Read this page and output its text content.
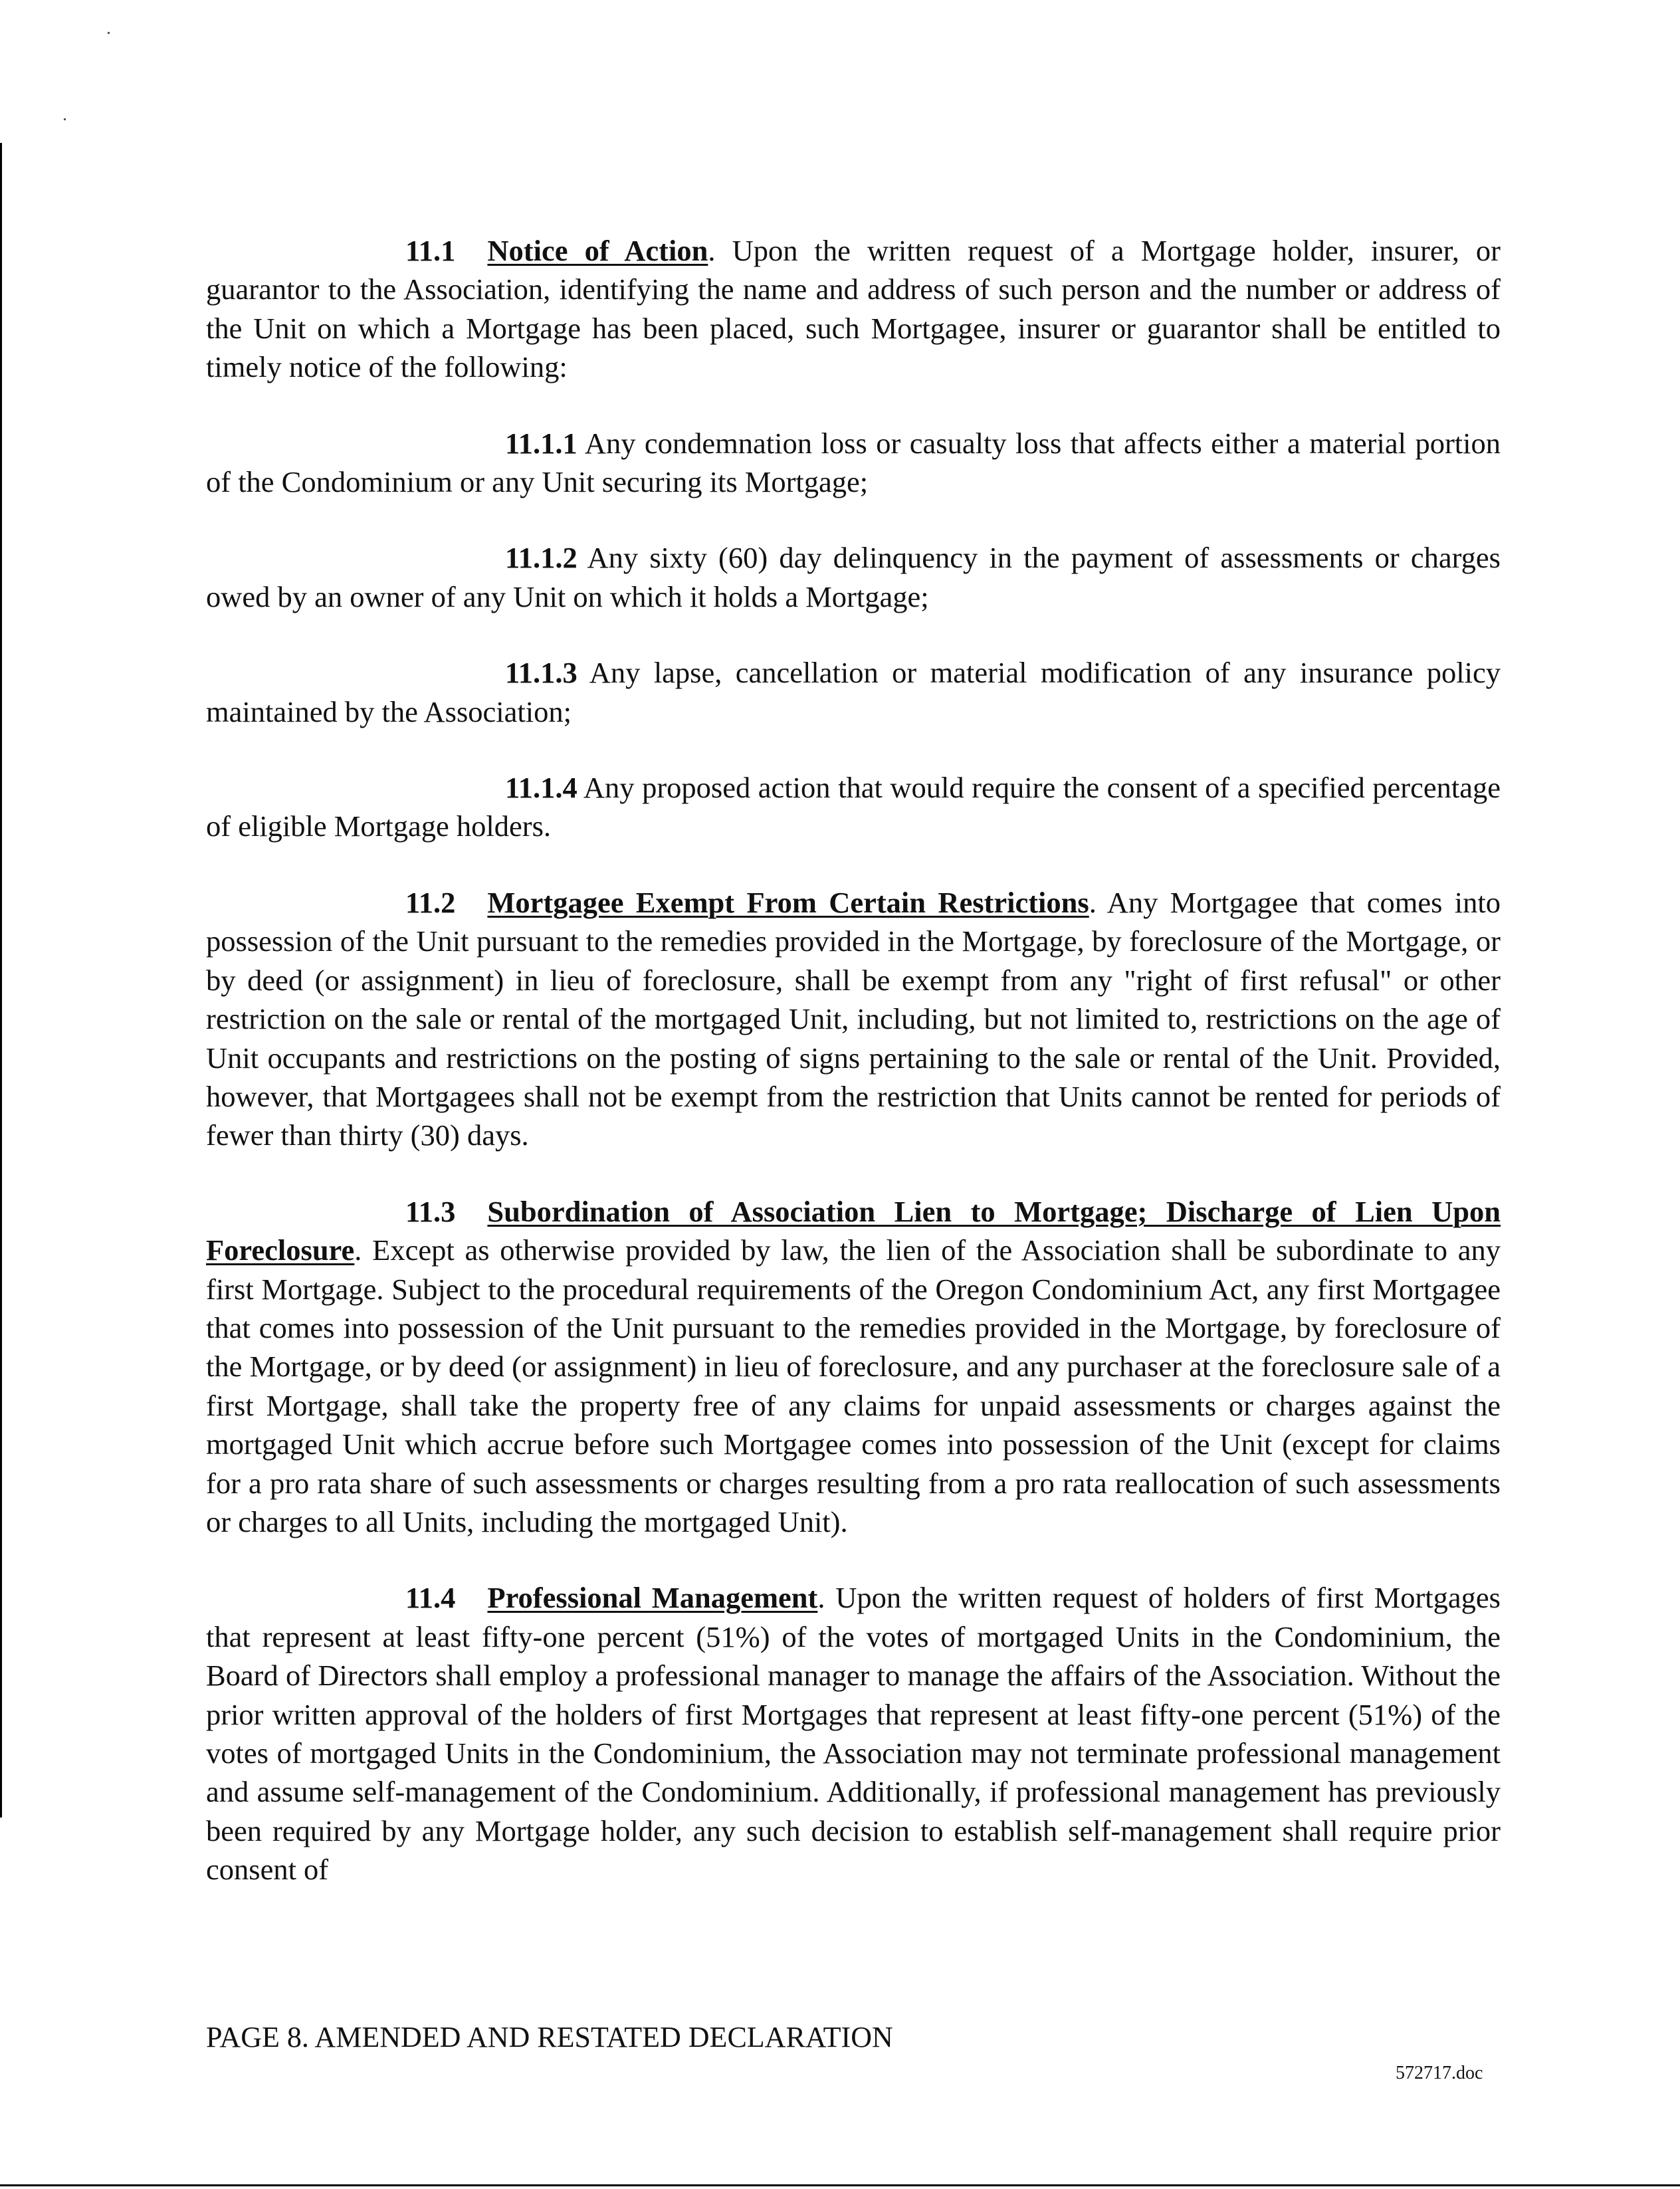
11.1 Notice of Action. Upon the written request of a Mortgage holder, insurer, or guarantor to the Association, identifying the name and address of such person and the number or address of the Unit on which a Mortgage has been placed, such Mortgagee, insurer or guarantor shall be entitled to timely notice of the following:

11.1.1 Any condemnation loss or casualty loss that affects either a material portion of the Condominium or any Unit securing its Mortgage;

11.1.2 Any sixty (60) day delinquency in the payment of assessments or charges owed by an owner of any Unit on which it holds a Mortgage;

11.1.3 Any lapse, cancellation or material modification of any insurance policy maintained by the Association;

11.1.4 Any proposed action that would require the consent of a specified percentage of eligible Mortgage holders.

11.2 Mortgagee Exempt From Certain Restrictions. Any Mortgagee that comes into possession of the Unit pursuant to the remedies provided in the Mortgage, by foreclosure of the Mortgage, or by deed (or assignment) in lieu of foreclosure, shall be exempt from any "right of first refusal" or other restriction on the sale or rental of the mortgaged Unit, including, but not limited to, restrictions on the age of Unit occupants and restrictions on the posting of signs pertaining to the sale or rental of the Unit. Provided, however, that Mortgagees shall not be exempt from the restriction that Units cannot be rented for periods of fewer than thirty (30) days.

11.3 Subordination of Association Lien to Mortgage; Discharge of Lien Upon Foreclosure. Except as otherwise provided by law, the lien of the Association shall be subordinate to any first Mortgage. Subject to the procedural requirements of the Oregon Condominium Act, any first Mortgagee that comes into possession of the Unit pursuant to the remedies provided in the Mortgage, by foreclosure of the Mortgage, or by deed (or assignment) in lieu of foreclosure, and any purchaser at the foreclosure sale of a first Mortgage, shall take the property free of any claims for unpaid assessments or charges against the mortgaged Unit which accrue before such Mortgagee comes into possession of the Unit (except for claims for a pro rata share of such assessments or charges resulting from a pro rata reallocation of such assessments or charges to all Units, including the mortgaged Unit).

11.4 Professional Management. Upon the written request of holders of first Mortgages that represent at least fifty-one percent (51%) of the votes of mortgaged Units in the Condominium, the Board of Directors shall employ a professional manager to manage the affairs of the Association. Without the prior written approval of the holders of first Mortgages that represent at least fifty-one percent (51%) of the votes of mortgaged Units in the Condominium, the Association may not terminate professional management and assume self-management of the Condominium. Additionally, if professional management has previously been required by any Mortgage holder, any such decision to establish self-management shall require prior consent of

PAGE 8. AMENDED AND RESTATED DECLARATION
572717.doc
